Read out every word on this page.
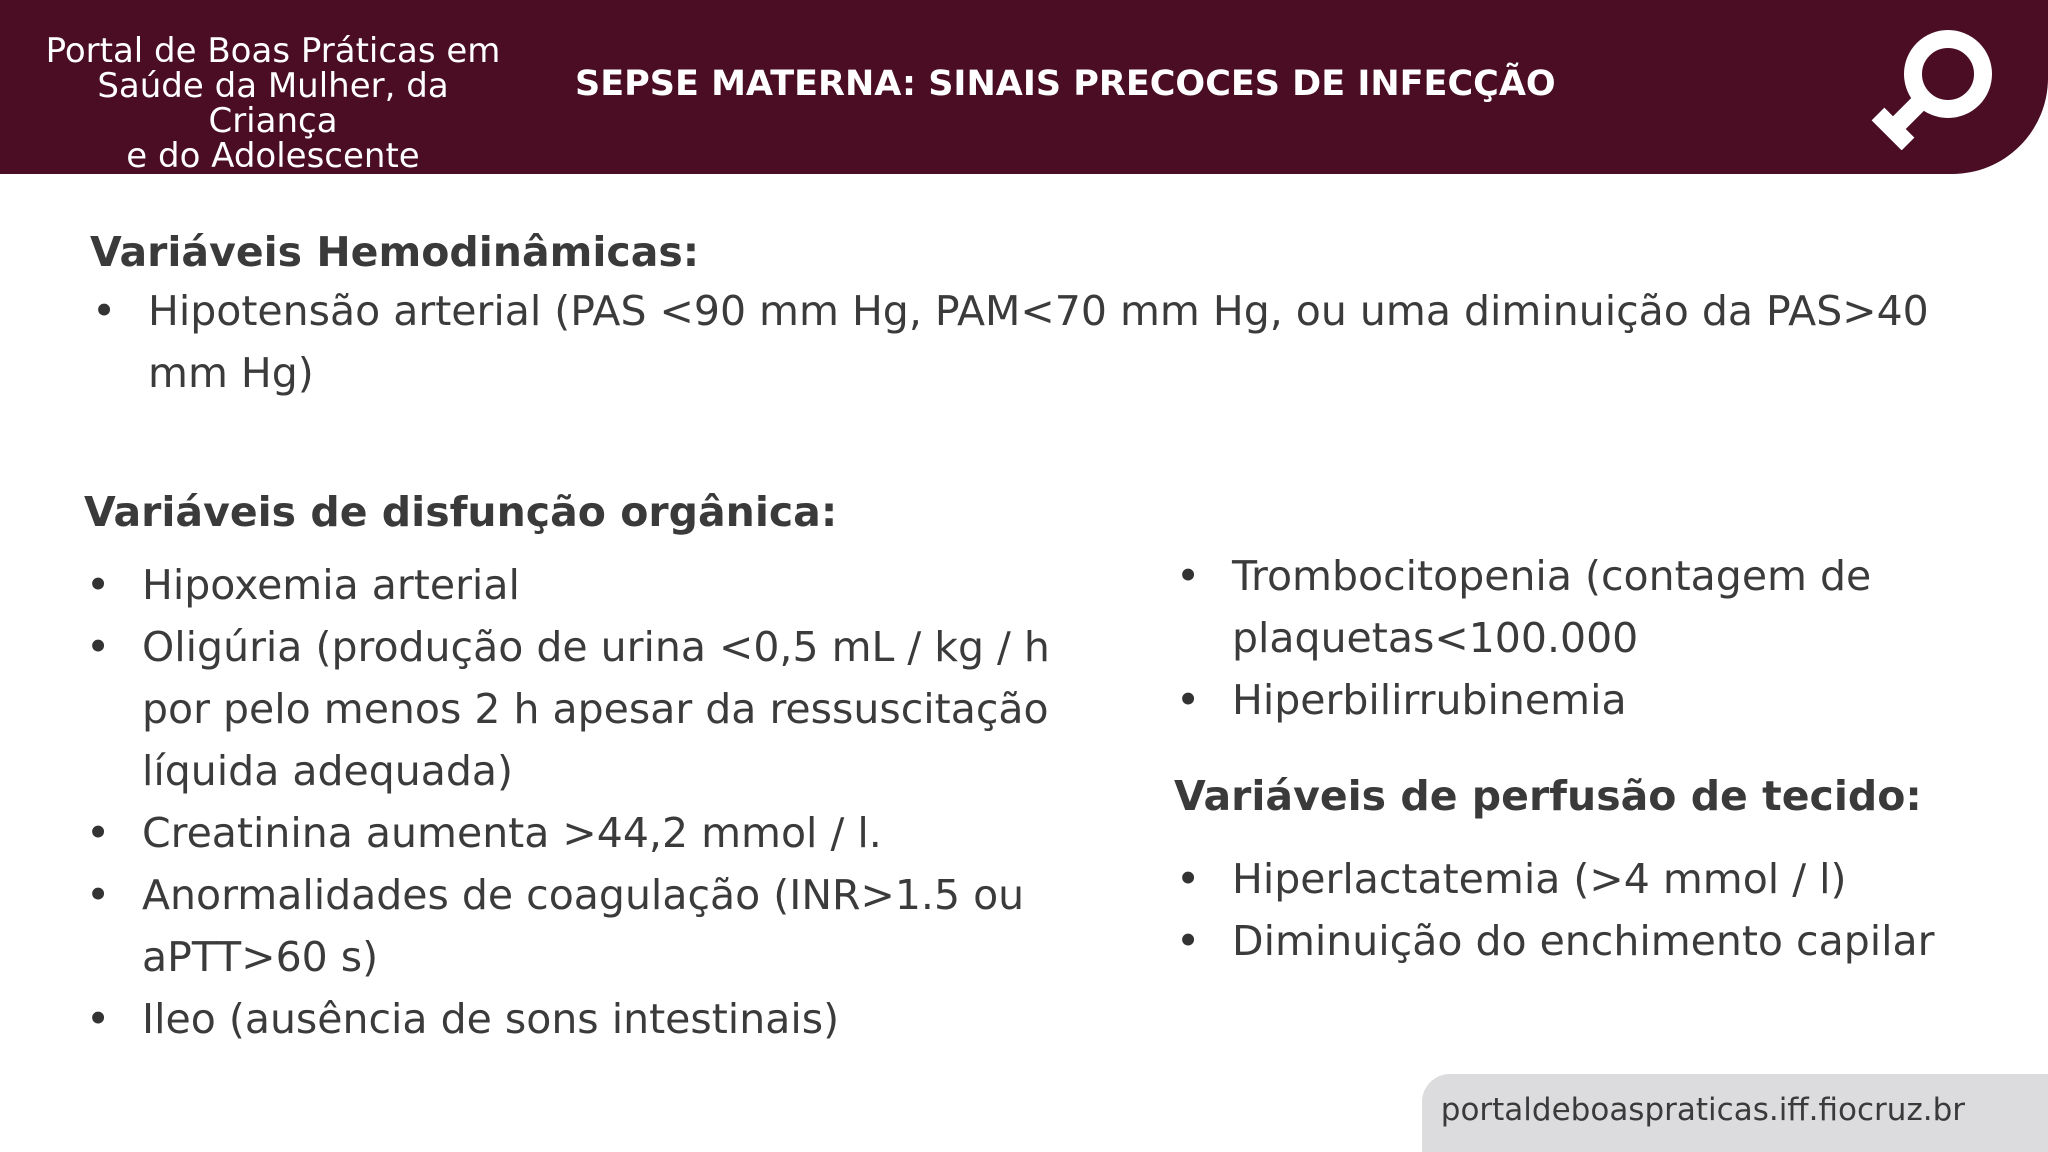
Portal de Boas Práticas em
Saúde da Mulher, da Criança
e do Adolescente
SEPSE MATERNA: SINAIS PRECOCES DE INFECÇÃO
Variáveis Hemodinâmicas:
• Hipotensão arterial (PAS <90 mm Hg, PAM<70 mm Hg, ou uma diminuição da PAS>40 mm Hg)
Variáveis de disfunção orgânica:
• Hipoxemia arterial
• Oligúria (produção de urina <0,5 mL / kg / h por pelo menos 2 h apesar da ressuscitação líquida adequada)
• Creatinina aumenta >44,2 mmol / l.
• Anormalidades de coagulação (INR>1.5 ou aPTT>60 s)
• Ileo (ausência de sons intestinais)
• Trombocitopenia (contagem de plaquetas<100.000
• Hiperbilirrubinemia
Variáveis de perfusão de tecido:
• Hiperlactatemia (>4 mmol / l)
• Diminuição do enchimento capilar
portaldeboaspraticas.iff.fiocruz.br
